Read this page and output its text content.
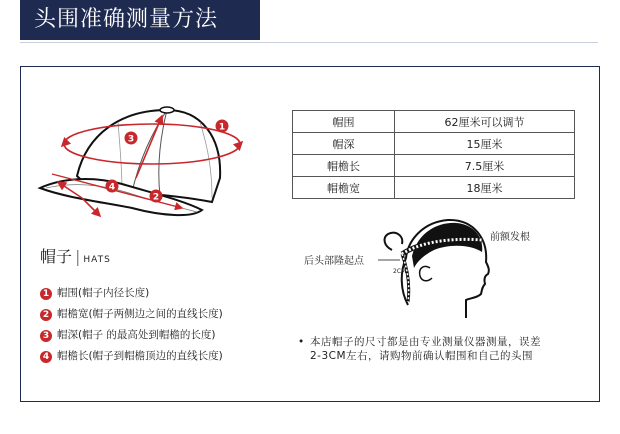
头围准确测量方法
1
2
3
4
帽子 | HATS
1 帽围(帽子内径长度)
2 帽檐宽(帽子两侧边之间的直线长度)
3 帽深(帽子 的最高处到帽檐的长度)
4 帽檐长(帽子到帽檐顶边的直线长度)
帽围	62厘米可以调节
帽深	15厘米
帽檐长	7.5厘米
帽檐宽	18厘米
前额发根
后头部隆起点
2CM
• 本店帽子的尺寸都是由专业测量仪器测量，误差
2-3CM左右，请购物前确认帽围和自己的头围
